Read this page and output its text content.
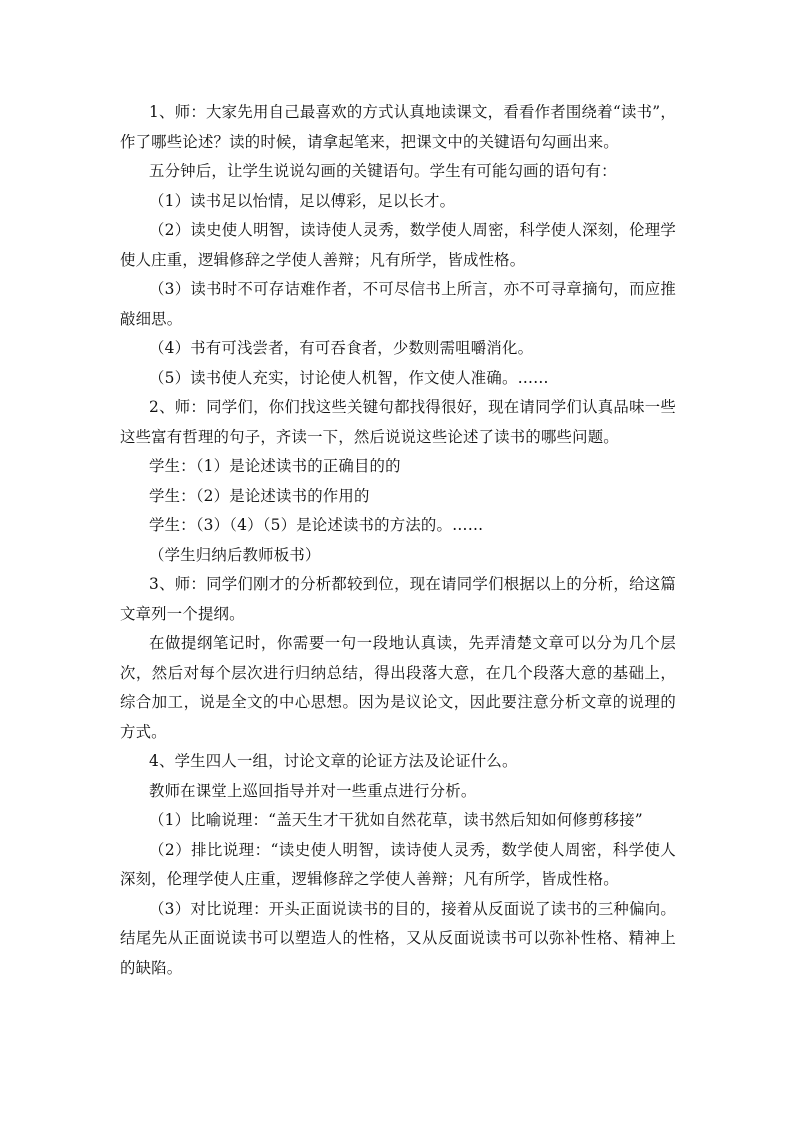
1、师：大家先用自己最喜欢的方式认真地读课文，看看作者围绕着“读书”，作了哪些论述？读的时候，请拿起笔来，把课文中的关键语句勾画出来。

五分钟后，让学生说说勾画的关键语句。学生有可能勾画的语句有：

（1）读书足以怡情，足以傅彩，足以长才。

（2）读史使人明智，读诗使人灵秀，数学使人周密，科学使人深刻，伦理学使人庄重，逻辑修辞之学使人善辩；凡有所学，皆成性格。

（3）读书时不可存诘难作者，不可尽信书上所言，亦不可寻章摘句，而应推敲细思。

（4）书有可浅尝者，有可吞食者，少数则需咀嚼消化。

（5）读书使人充实，讨论使人机智，作文使人准确。……

2、师：同学们，你们找这些关键句都找得很好，现在请同学们认真品味一些这些富有哲理的句子，齐读一下，然后说说这些论述了读书的哪些问题。

学生：（1）是论述读书的正确目的的

学生：（2）是论述读书的作用的

学生：（3）（4）（5）是论述读书的方法的。……

（学生归纳后教师板书）

3、师：同学们刚才的分析都较到位，现在请同学们根据以上的分析，给这篇文章列一个提纲。

在做提纲笔记时，你需要一句一段地认真读，先弄清楚文章可以分为几个层次，然后对每个层次进行归纳总结，得出段落大意，在几个段落大意的基础上，综合加工，说是全文的中心思想。因为是议论文，因此要注意分析文章的说理的方式。

4、学生四人一组，讨论文章的论证方法及论证什么。

教师在课堂上巡回指导并对一些重点进行分析。

（1）比喻说理：“盖天生才干犹如自然花草，读书然后知如何修剪移接”

（2）排比说理：“读史使人明智，读诗使人灵秀，数学使人周密，科学使人深刻，伦理学使人庄重，逻辑修辞之学使人善辩；凡有所学，皆成性格。

（3）对比说理：开头正面说读书的目的，接着从反面说了读书的三种偏向。结尾先从正面说读书可以塑造人的性格，又从反面说读书可以弥补性格、精神上的缺陷。
